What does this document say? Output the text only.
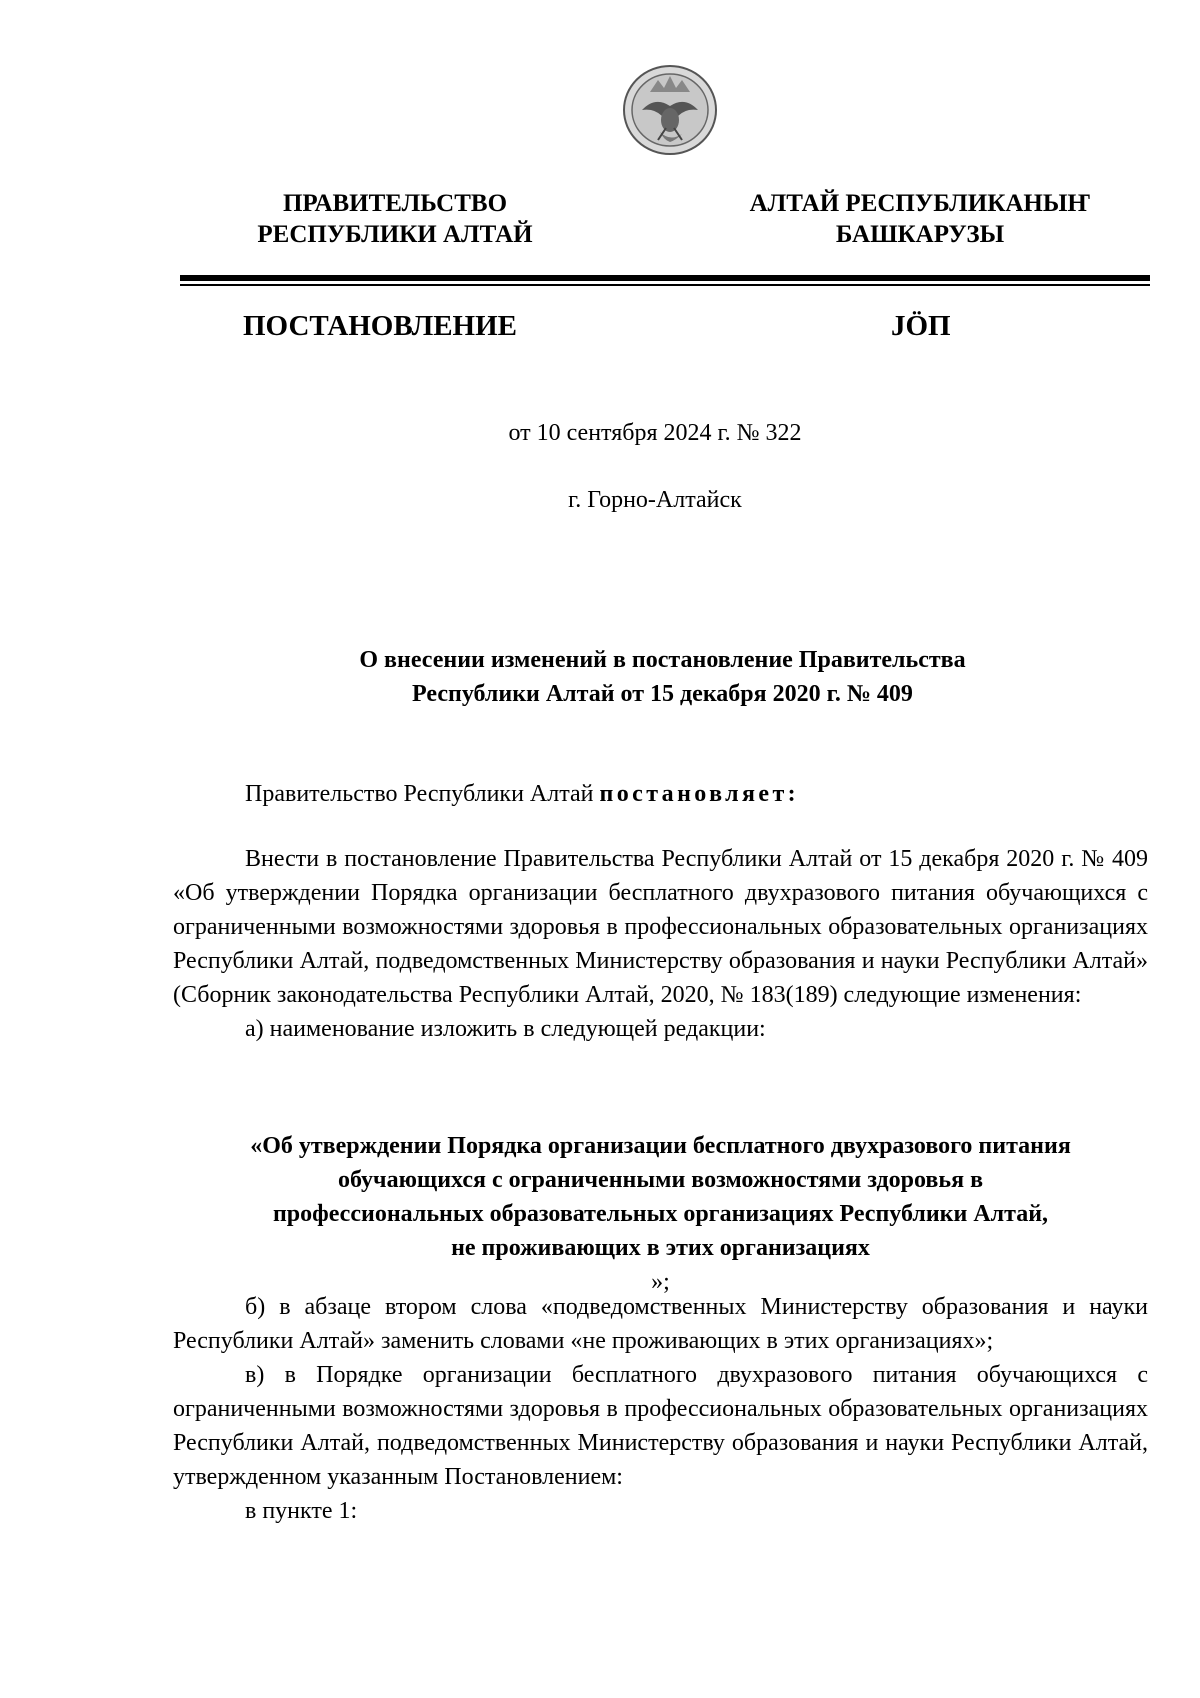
ПРАВИТЕЛЬСТВО
РЕСПУБЛИКИ АЛТАЙ
АЛТАЙ РЕСПУБЛИКАНЫҤ
БАШКАРУЗЫ
ПОСТАНОВЛЕНИЕ	JӦП
от 10 сентября 2024 г. № 322
г. Горно-Алтайск
О внесении изменений в постановление Правительства
Республики Алтай от 15 декабря 2020 г. № 409

Правительство Республики Алтай постановляет:

Внести в постановление Правительства Республики Алтай от 15 декабря 2020 г. № 409 «Об утверждении Порядка организации бесплатного двухразового питания обучающихся с ограниченными возможностями здоровья в профессиональных образовательных организациях Республики Алтай, подведомственных Министерству образования и науки Республики Алтай» (Сборник законодательства Республики Алтай, 2020, № 183(189) следующие изменения:

а) наименование изложить в следующей редакции:

«Об утверждении Порядка организации бесплатного двухразового питания
обучающихся с ограниченными возможностями здоровья в
профессиональных образовательных организациях Республики Алтай,
не проживающих в этих организациях
»;

б) в абзаце втором слова «подведомственных Министерству образования и науки Республики Алтай» заменить словами «не проживающих в этих организациях»;

в) в Порядке организации бесплатного двухразового питания обучающихся с ограниченными возможностями здоровья в профессиональных образовательных организациях Республики Алтай, подведомственных Министерству образования и науки Республики Алтай, утвержденном указанным Постановлением:

в пункте 1:
